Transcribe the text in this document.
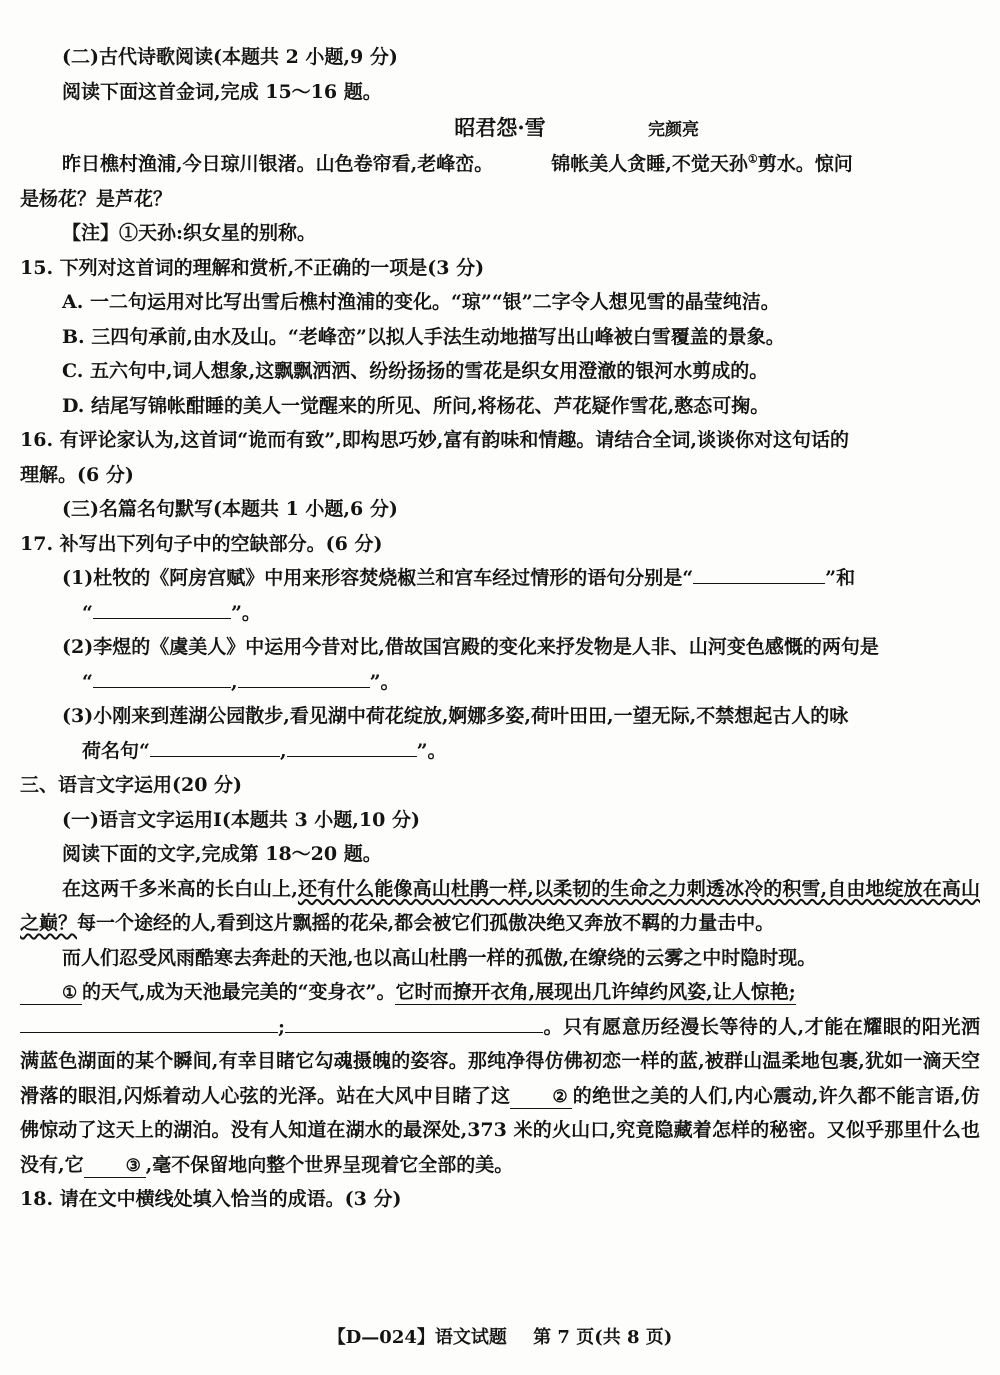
(二)古代诗歌阅读(本题共 2 小题,9 分)

阅读下面这首金词,完成 15～16 题。

昭君怨·雪	完颜亮

昨日樵村渔浦,今日琼川银渚。山色卷帘看,老峰峦。	锦帐美人贪睡,不觉天孙①剪水。惊问

是杨花？是芦花？

【注】①天孙:织女星的别称。

15. 下列对这首词的理解和赏析,不正确的一项是(3 分)

A. 一二句运用对比写出雪后樵村渔浦的变化。“琼”“银”二字令人想见雪的晶莹纯洁。

B. 三四句承前,由水及山。“老峰峦”以拟人手法生动地描写出山峰被白雪覆盖的景象。

C. 五六句中,词人想象,这飘飘洒洒、纷纷扬扬的雪花是织女用澄澈的银河水剪成的。

D. 结尾写锦帐酣睡的美人一觉醒来的所见、所问,将杨花、芦花疑作雪花,憨态可掬。

16. 有评论家认为,这首词“诡而有致”,即构思巧妙,富有韵味和情趣。请结合全词,谈谈你对这句话的

理解。(6 分)

(三)名篇名句默写(本题共 1 小题,6 分)

17. 补写出下列句子中的空缺部分。(6 分)

(1)杜牧的《阿房宫赋》中用来形容焚烧椒兰和宫车经过情形的语句分别是“	”和

“	”。

(2)李煜的《虞美人》中运用今昔对比,借故国宫殿的变化来抒发物是人非、山河变色感慨的两句是

“	,	”。

(3)小刚来到莲湖公园散步,看见湖中荷花绽放,婀娜多姿,荷叶田田,一望无际,不禁想起古人的咏

荷名句“	,	”。

三、语言文字运用(20 分)

(一)语言文字运用Ⅰ(本题共 3 小题,10 分)

阅读下面的文字,完成第 18～20 题。

在这两千多米高的长白山上,还有什么能像高山杜鹃一样,以柔韧的生命之力刺透冰冷的积雪,自由地绽放在高山之巅？每一个途经的人,看到这片飘摇的花朵,都会被它们孤傲决绝又奔放不羁的力量击中。

而人们忍受风雨酷寒去奔赴的天池,也以高山杜鹃一样的孤傲,在缭绕的云雾之中时隐时现。
① 的天气,成为天池最完美的“变身衣”。它时而撩开衣角,展现出几许绰约风姿,让人惊艳;
;	。只有愿意历经漫长等待的人,才能在耀眼的阳光洒满蓝色湖面的某个瞬间,有幸目睹它勾魂摄魄的姿容。那纯净得仿佛初恋一样的蓝,被群山温柔地包裹,犹如一滴天空滑落的眼泪,闪烁着动人心弦的光泽。站在大风中目睹了这 ② 的绝世之美的人们,内心震动,许久都不能言语,仿佛惊动了这天上的湖泊。没有人知道在湖水的最深处,373 米的火山口,究竟隐藏着怎样的秘密。又似乎那里什么也没有,它 ③ ,毫不保留地向整个世界呈现着它全部的美。

18. 请在文中横线处填入恰当的成语。(3 分)

【D—024】语文试题 第 7 页(共 8 页)
